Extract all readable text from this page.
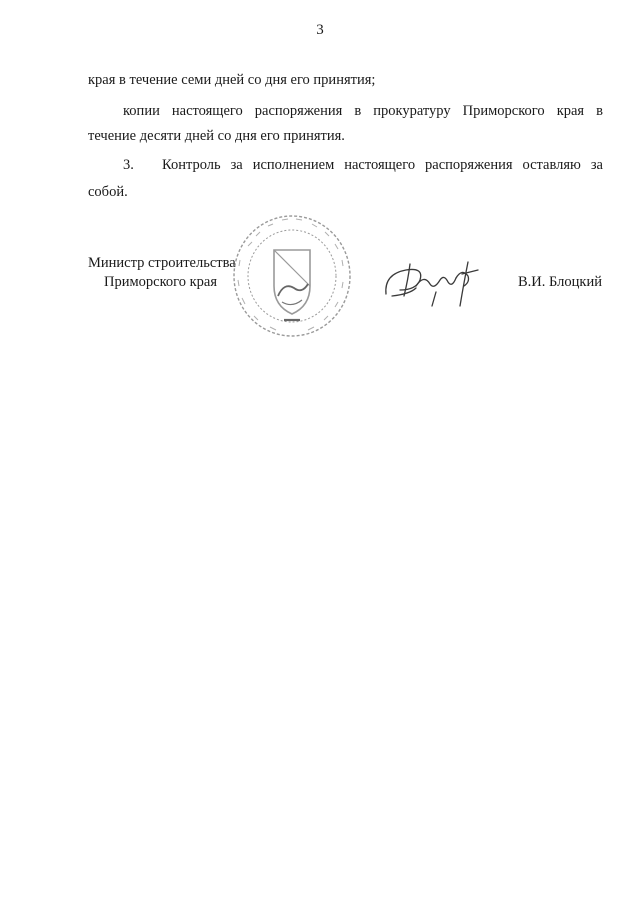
3
края в течение семи дней со дня его принятия;
копии настоящего распоряжения в прокуратуру Приморского края в
течение десяти дней со дня его принятия.
3. Контроль за исполнением настоящего распоряжения оставляю за
собой.
Министр строительства
Приморского края	В.И. Блоцкий
